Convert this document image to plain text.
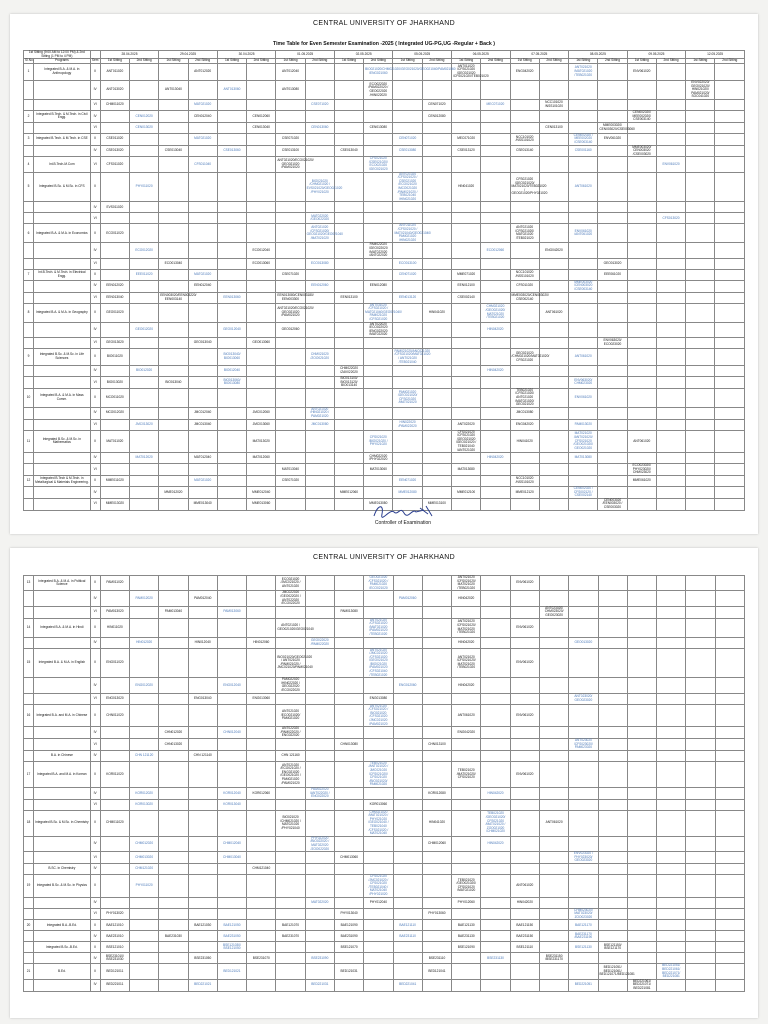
CENTRAL UNIVERSITY OF JHARKHAND
Time Table for Even Semester Examination -2025 ( Integrated UG-PG,UG -Regular + Back )
1st Sitting (9:00 AM to 12:00 PM) & 2nd Sitting (1 PM to 4 PM)			28.04.2025		29.04.2025		30.04.2025		01.05.2025		02.05.2025		05.05.2025		06.05.2025		07.05.2025		08.05.2025		09.05.2025		12.05.2025	
Sl.No.	Programs	Sem	1st Sitting	2nd Sitting	1st Sitting	2nd Sitting	1st Sitting	2nd Sitting	1st Sitting	2nd Sitting	1st Sitting	2nd Sitting	1st Sitting	2nd Sitting	1st Sitting	2nd Sitting	1st Sitting	2nd Sitting	1st Sitting	2nd Sitting	1st Sitting	2nd Sitting	1st Sitting	2nd Sitting
1	Integrated B.A. & M.A. in Anthropology	II	ANT011020			ANT012020			ANT012040			BIO021020/CHM021020/GEO021020/GEO021040/PAM021060 /ENG021060			ANT011020 /CFS021020 /GEO021020 /CFS021020/TEB021020		ENG042020		ANT021020 /MAT021020 /TEB021020		ENV061020			
		IV	ANT013020		ANT013040		ANT013060		ANT013080			ECO022020 /PAM022020 / GEO022020 /HIN022020											ENV022020/ GEO021020/ HIN021020/ PAM021020/ SOC041020	
		VI	CHM011020			MAT021020				CSE071020				CEN071020		MEC071020		NCC101020 /NSS101020						
2	Integrated B.Tech. & M.Tech. in Civil Engg.	IV		CEN012020		CEN012040		CEN012060						CEN012080							CEN002020/ MEE002020/ CSE003140			
		VI		CEN013020				CEN013040		CEN013060		CEN013080						CEN013100		MME003020/ CEN003020/CSE003060				
3	Integrated B.Tech. & M.Tech. in CSE	II	CSE011020			MAT021020			CSE071020				CEN071020		MEC071020		NCC101020 /NSS101020		CEN002020 / MEE002020 /CSE003140	ENV061020				
		IV	CSE013020		CSE013040		CSE013060		CSE013100		CSE013040		CSE013080		CSE013120		CSE013140		CSE001160		MME003020/ CEN003020 /CSE003020			
4	Int.B.Tech-M.Com	VI	CFS011020			CFS011040			ANT021020/ECO021020/ GEO021020 /PAM021020			CFS021020 /CSE021020/ ECO021020 /GEO021020										ENV061020		
5	Integrated B.Sc. & M.Sc. in CFS	II		PHY011020						BIO021020 /CHM021020 / EVS021020/GEO021020 /PHY021020			ANT021020 /CFS021020 / CSE021020 /ECO021020 /MCO021020 /PAM021020 / TEB021040 /HIN021020		HIN041020		CFS021020 /GEO021020/ MAT021020/TEB021020 / GEO021020/PHY021020		ANT061020					
		IV	EVS011020																					
		VI								MAT022020 /GEO022020												CFS013020		
6	Integrated B.A. & M.A. in Economics	II	ECO011020							ANT021020 /CFS021020/ GEO021020/GEO021040 /MAT021020			ANT011020 /CFS021020 / MAT021040/GEO021040/ PAM021020 /HIN021020				ANT021020 /CFS021020/ MAT021020 /TEB021020		ENV061020 /ANT061020					
		IV		ECO012020				ECO012040				PAM022020 /GEO022020 /MAT022020 /ANT022020				ECO012060		ENG042020						
		VI			ECO013040			ECO013060		ECO013080			ECO013100							GEO013020				
7	Int.B.Tech. & M.Tech. in Electrical Engg.	II		EEE011020		MAT021020			CSE071020				CEN071020		MME071020		NCC101020 /NSS101020			EEE061020				
		IV	EEN012020			EEN012040				EEN012060		EEN012080			EEN012100		CFS011020		MME003020 /CEN003020 /CSE003140					
		VI	EEN013040		EEN003020/EEN003220/ EEN003140		EEN013060		EEN013080/CEN003180/ EEN003300		EEN013100		EEN013120		CSE002140		MME003020/CEN003020/ CSE002140							
8	Integrated B.A. & M.A. in Geography	II	GEO011020						ANT021020/ECO021020/ GEO021020 /PAM021020			ANT031020 /CFS021020 / MAT021040/GEO021040/ PAM021020 /CFS021020		HIN041020		CHM021020 /GEO021020/ MAT021020 /TEB021020		ANT061020						
		IV		GEO012020			GEO012040		GEO012060			ANT022020 /ECO022020 /ENG022020 /MAT022020				HIN042020								
		VI	GEO013020			GEO013040		GEO013060												ENV063020/ ECO023020				
9	Integrated B.Sc. & M.Sc. in Life Sciences	II	BIO011020				BIO013040/ BIO013060			CHM021020 /ZOO021020			PAM021020/ANC021020 /CFS021020/MAT021020 / ANT021020 /TEB021040				GEO021020 /CHM021020/MAT021020/ CFS021020		ANT061020					
		IV		BIO012020			BIO012040				CHM022020 /ZAV022020					HIN042020								
		VI	BIO013020		BIO013040		BIO013060/ BIO013080				BIO013100/ BIO013120/ BIO013140								ENV063020/ CHM023020					
10	Integrated B.A. & M.A. in Mass Comm.	II	MCO011020										PAM021020 /GEO021020/ CFS021020 /MAT021020				TEB021020 /CFS021020/ ANT021020 /MAT021020/ GEO021020		ENV061020					
		IV	MCO012020			JMC012040		JMC012060		ANT021020 /HIN021020 / PAM021020							JMC013080							
		VI		JMC013020		JMC013040		JMC013060		JMC013080			HIN022020 /PAM022020		ANT022020		ENG042020		PAM013020					
11	Integrated B.Sc. & M.Sc. in Mathematics	II	MAT011020					MAT013020				CFS021020 /BIO021020 / PHY021020			CFS021020 /CFS021020 /GEO021020 /GEO021020 / TEB021040 /ANT021020		HIN041020		MAT021020 /ANT021020/ CFS021020 /GEO021020/ GEO021020		ANT061020			
		IV		MAT012020		MAT012040		MAT012060				CHM022020 /PHY022020				HIN042020			MAT013080					
		VI							MAT013040			MAT013060			MAT013080						ECO023020/ PHY023020/ CHM023020			
12	Integrated B.Tech & M.Tech. in Metallurgical & Materials Engineering.	II	MME011020			MAT021020			CSE071020				EEN071020				NCC101020 /NSS101020				MME061020			
		IV			MME012020			MME012040			MME012060		MME012080		MME012100		MME012120		CEN002020 / CFS002120 / CSE002140					
		VI	MME013020			MME013040		MME013060				MME013080		MME013100						CEN003020 /EEN003020 / CSE003020				
Controller of Examination
CENTRAL UNIVERSITY OF JHARKHAND
13	Integrated B.A. & M.A. in Political Science	II	PAM011020						ECO021020 /JMC021020 / ANT021020			GEO021020 /CFS021020 / PAM021020 /ECO021020			ANT021020 /CFS021020/ MAT021020 /TEB021020		ENV061020							
		IV		PAM012020		PAM012040			JMC022020 /GEO022020 / ANT022020 /ECO022020				PAM012060		HIN042020									
		VI	PAM013020		PAM013040		PAM013060				PAM013080							ANT023020/ CHM023020/ GEO023020						
14	Integrated B.A. & M.A. in Hindi	II	HIN011020						ANT021020 / GEO021020/GEO021040			ANT021020 /CFS021020 /MAT021020 /PAM021020 /TEB021020			ANT021020 /CFS021020/ MAT021020 /TEB021020		ENV061020							
		IV		HIN012020		HIN012040		HIN012060		GEO022020 /PAM022020					HIN042020				GEO013020					
15	Integrated B.A. & M.A. in English	II	ENG011020						BIO021020/GEO021020 / ANT021020 /PAM021020 / JMC021020/PAM021040			ANT021020 /JMC021020 /CFS021020 /GEO021020 /BIO021020 /PAM021020 /CFS021040 /TEB021020			ANT021020 /CFS021020/ MAT021020 /TEB021020		ENV061020							
		IV		ENG012020			ENG012040		PAM022020 /HIN022020 / GEO022020 /ECO022020				ENG012060		HIN042020									
		VI	ENG013020			ENG013040		ENG013060				ENG013080							ANT023020/ GEO023020					
16	Integrated B.A. and M.A. in Chinese	II	CHN011020						ANT021020 /ECO021020/ PAM021020			ANT021020 /CFS021020 / BIO021020 /CFS021020 /JMC021020 /PAM021020			ANT061020		ENV061020							
		IV			CHN012020		CHN012040		ANT022020 /PAM022020 / ENG022020						ENG042020									
		VI			CHN013020						CHN013080			CHN013100					ANT023020 /CFS023020/ PAM023020					
	B.A. in Chinese	IV		CHN 121120		CHN 121140			CHN 121160															
17	Integrated B.A. and M.A. in Korean	II	KOR011020						ANT021020 /ECO021020 / ENG021020 /GEO021020 / PAM021020 /PAM021020			TEB021020 /ANT021020 / JMC021020 /CFS021020/ CFS021020 /BIO021020/ PAM021020			TEB021020 /MAT021020/ CFS021020		ENV061020							
		IV		KOR012020			KOR012040	KOR012060		PAM022020 /ANT022020 / ENG022020				KOR012080		HIN042020								
		VI		KOR013020			KOR013040					KOR013060												
18	Integrated B.Sc. & M.Sc. in Chemistry	II	CHM011020						BIO021020 /CHM021020 / MAT021020 /PHY021040			CHM021020 /MAT021020 / PHY021020 /GEO021040 / TEB021040 /CFS021020 / MAT021040		HIN041020		TEB021020 /GEO021020/ CFS021020 /MAT021020 / ZOO021020 /CHM021020		ANT061020						
		IV		CHM012020			CHM012040			PHY022020 /BIO022020 / MAT022020 /ZOO022020				CHM012060		HIN042020								
		VI		CHM013020			CHM013040				CHM013060								ENV023020 / PHY023020/ GEO023020					
	B.SC. in Chemistry	IV		CHM121020				CHM121040																
19	Integrated B.Sc. & M.Sc. in Physics	II		PHY011020								CFS021020 /JMC021020 / CFS021020 /TEB021040 / MAT021040 /PHY021020			TEB021020 /GEO021020/ CFS021020 /MAT021020		ANT061020							
		IV								MAT022020		PHY012040			PHY012060		HIN042020							
		VI	PHY013020								PHY013040			PHY013060					CHM023020/ MAT023020/ ZOO023020					
20	Integrated B.A.-B.Ed.	II	BAE121010			BAE121030	BAE121050		BAE121070		BAE121090		BAE121110		BAE121130		BAE121150		BAE121170					
		IV	BAE231010		BAE231030		BAE231050		BAE231070		BAE231090		BAE231110		BAE231130		BAE231150		BAE231170 /BAE231190					
	Integrated B.Sc.-B.Ed.	II	BSE121010				BSE121030/ BSE121050				BSE121070				BSE121090		BSE121110		BSE121130	BSE121150/ BSE121170				
		IV	BSE231010/ BSE231030			BSE231050		BSE231070		BSE231090				BSE231110		BSE231130		BSE231150 /BSE231170						
21	B.Ed.	II	BED121011				BED121021				BED121031			BED121041						BED121051/ BED121061/ BED121071/BED121081		BED221051/ BED221061/ BED221071/ BED221081		
		IV	BED221011			BED221021				BED221031			BED221041						BED221051		BED221061/ BED221071/ BED221081			
